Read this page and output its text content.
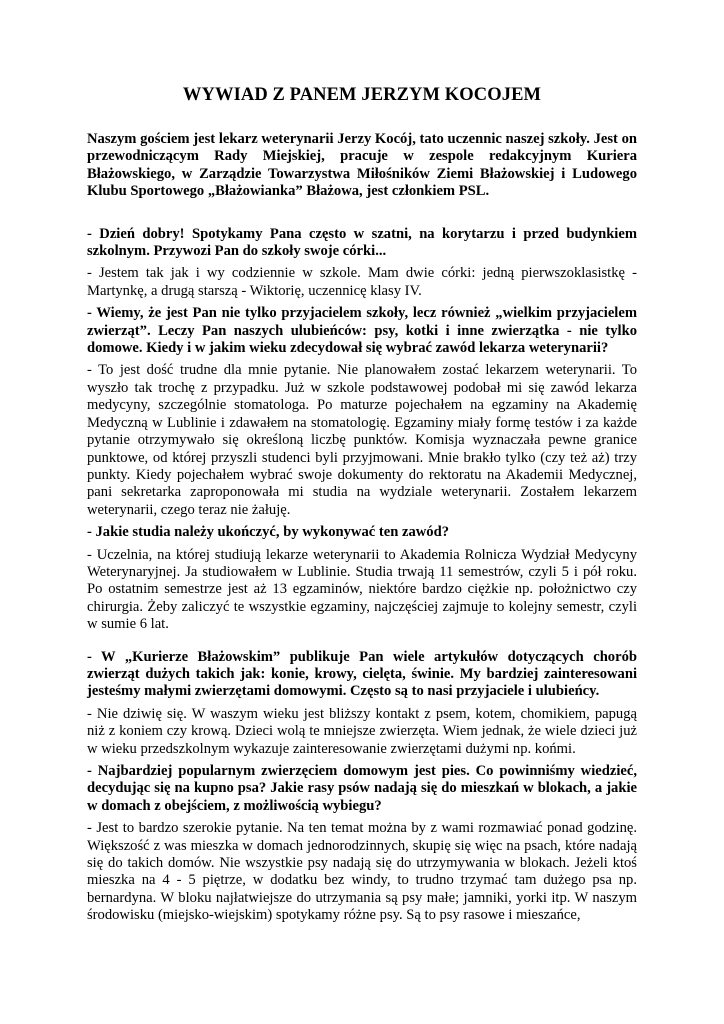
WYWIAD Z PANEM JERZYM KOCOJEM

Naszym gościem jest lekarz weterynarii Jerzy Kocój, tato uczennic naszej szkoły. Jest on przewodniczącym Rady Miejskiej, pracuje w zespole redakcyjnym Kuriera Błażowskiego, w Zarządzie Towarzystwa Miłośników Ziemi Błażowskiej i Ludowego Klubu Sportowego „Błażowianka” Błażowa, jest członkiem PSL.

- Dzień dobry! Spotykamy Pana często w szatni, na korytarzu i przed budynkiem szkolnym. Przywozi Pan do szkoły swoje córki...

- Jestem tak jak i wy codziennie w szkole. Mam dwie córki: jedną pierwszoklasistkę - Martynkę, a drugą starszą - Wiktorię, uczennicę klasy IV.

- Wiemy, że jest Pan nie tylko przyjacielem szkoły, lecz również „wielkim przyjacielem zwierząt”. Leczy Pan naszych ulubieńców: psy, kotki i inne zwierzątka - nie tylko domowe. Kiedy i w jakim wieku zdecydował się wybrać zawód lekarza weterynarii?

- To jest dość trudne dla mnie pytanie. Nie planowałem zostać lekarzem weterynarii. To wyszło tak trochę z przypadku. Już w szkole podstawowej podobał mi się zawód lekarza medycyny, szczególnie stomatologa. Po maturze pojechałem na egzaminy na Akademię Medyczną w Lublinie i zdawałem na stomatologię. Egzaminy miały formę testów i za każde pytanie otrzymywało się określoną liczbę punktów. Komisja wyznaczała pewne granice punktowe, od której przyszli studenci byli przyjmowani. Mnie brakło tylko (czy też aż) trzy punkty. Kiedy pojechałem wybrać swoje dokumenty do rektoratu na Akademii Medycznej, pani sekretarka zaproponowała mi studia na wydziale weterynarii. Zostałem lekarzem weterynarii, czego teraz nie żałuję.

- Jakie studia należy ukończyć, by wykonywać ten zawód?

- Uczelnia, na której studiują lekarze weterynarii to Akademia Rolnicza Wydział Medycyny Weterynaryjnej. Ja studiowałem w Lublinie. Studia trwają 11 semestrów, czyli 5 i pół roku. Po ostatnim semestrze jest aż 13 egzaminów, niektóre bardzo ciężkie np. położnictwo czy chirurgia. Żeby zaliczyć te wszystkie egzaminy, najczęściej zajmuje to kolejny semestr, czyli w sumie 6 lat.

- W „Kurierze Błażowskim” publikuje Pan wiele artykułów dotyczących chorób zwierząt dużych takich jak: konie, krowy, cielęta, świnie. My bardziej zainteresowani jesteśmy małymi zwierzętami domowymi. Często są to nasi przyjaciele i ulubieńcy.

- Nie dziwię się. W waszym wieku jest bliższy kontakt z psem, kotem, chomikiem, papugą niż z koniem czy krową. Dzieci wolą te mniejsze zwierzęta. Wiem jednak, że wiele dzieci już w wieku przedszkolnym wykazuje zainteresowanie zwierzętami dużymi np. końmi.

- Najbardziej popularnym zwierzęciem domowym jest pies. Co powinniśmy wiedzieć, decydując się na kupno psa? Jakie rasy psów nadają się do mieszkań w blokach, a jakie w domach z obejściem, z możliwością wybiegu?

- Jest to bardzo szerokie pytanie. Na ten temat można by z wami rozmawiać ponad godzinę. Większość z was mieszka w domach jednorodzinnych, skupię się więc na psach, które nadają się do takich domów. Nie wszystkie psy nadają się do utrzymywania w blokach. Jeżeli ktoś mieszka na 4 - 5 piętrze, w dodatku bez windy, to trudno trzymać tam dużego psa np. bernardyna. W bloku najłatwiejsze do utrzymania są psy małe; jamniki, yorki itp. W naszym środowisku (miejsko-wiejskim) spotykamy różne psy. Są to psy rasowe i mieszańce,
